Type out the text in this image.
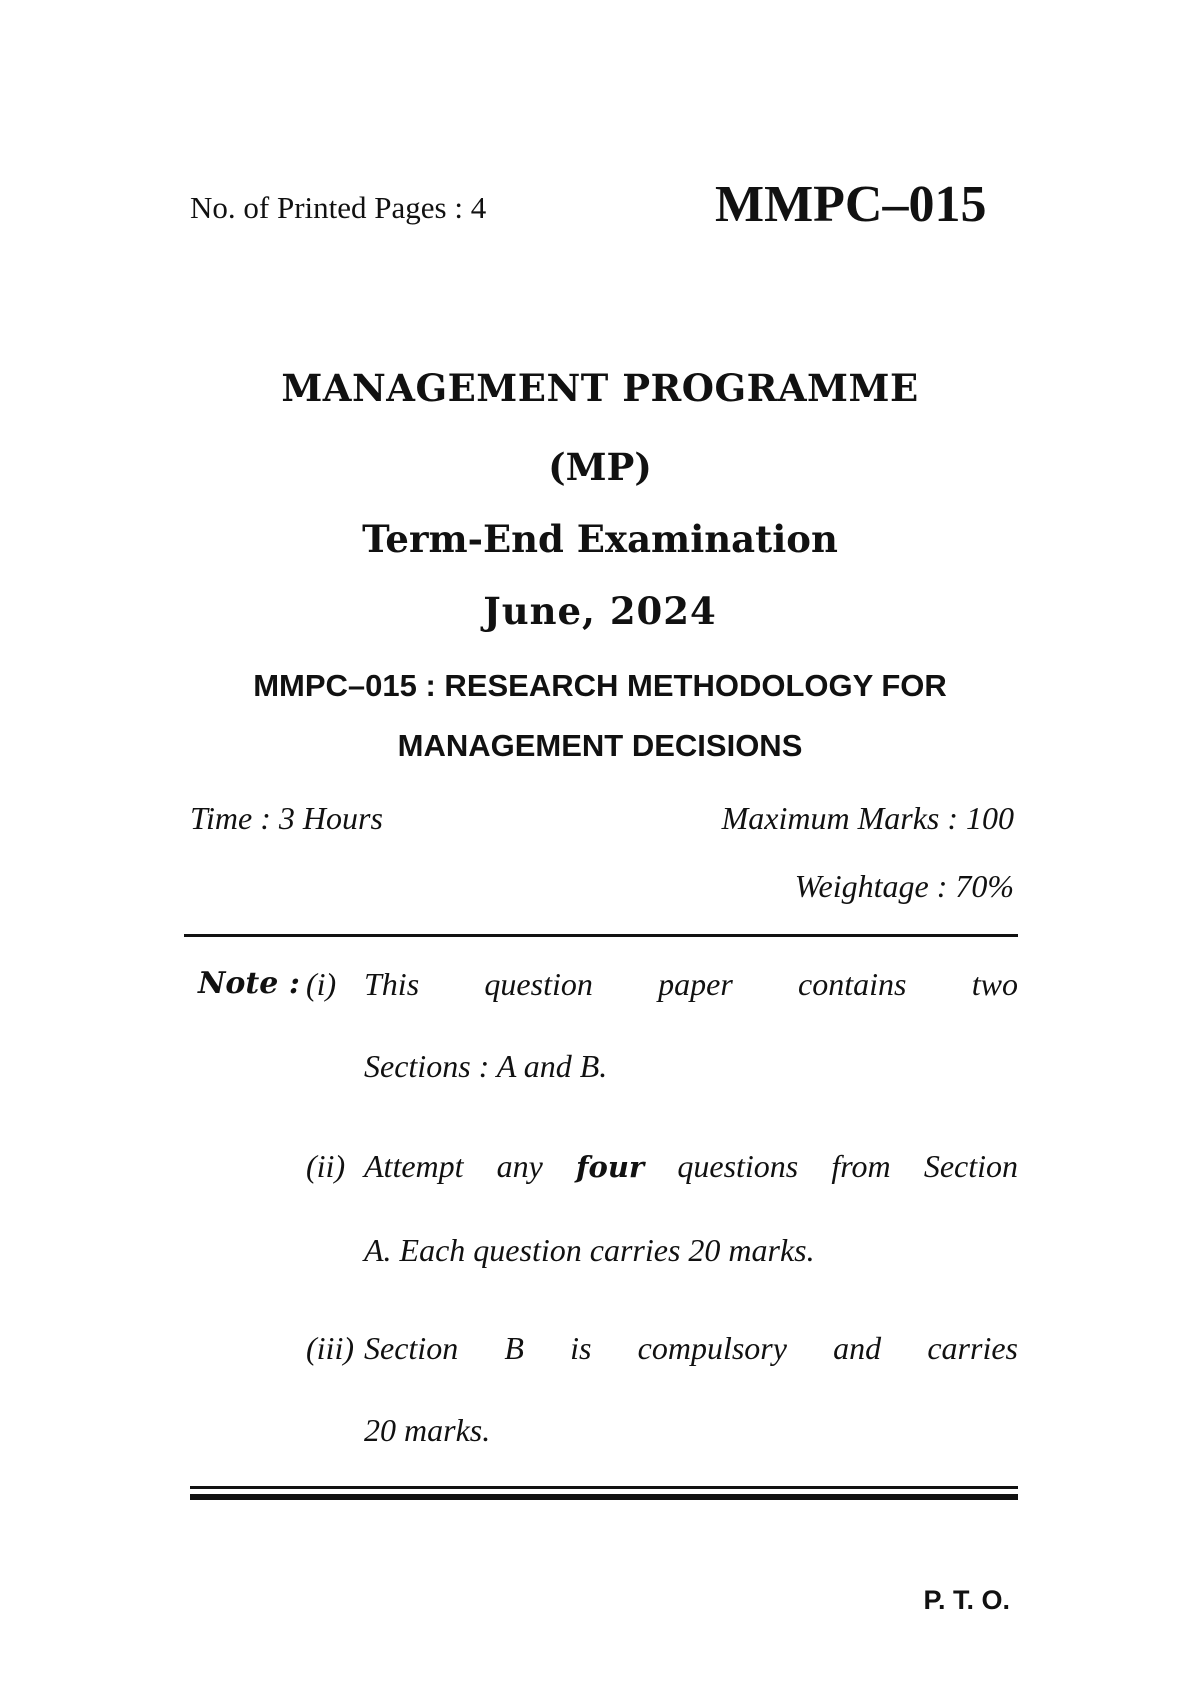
No. of Printed Pages : 4	MMPC–015
MANAGEMENT PROGRAMME
(MP)
Term-End Examination
June, 2024
MMPC–015 : RESEARCH METHODOLOGY FOR
MANAGEMENT DECISIONS
Time : 3 Hours	Maximum Marks : 100
Weightage : 70%
Note : (i) This question paper contains two
Sections : A and B.
(ii) Attempt any four questions from Section
A. Each question carries 20 marks.
(iii) Section B is compulsory and carries
20 marks.
P. T. O.
